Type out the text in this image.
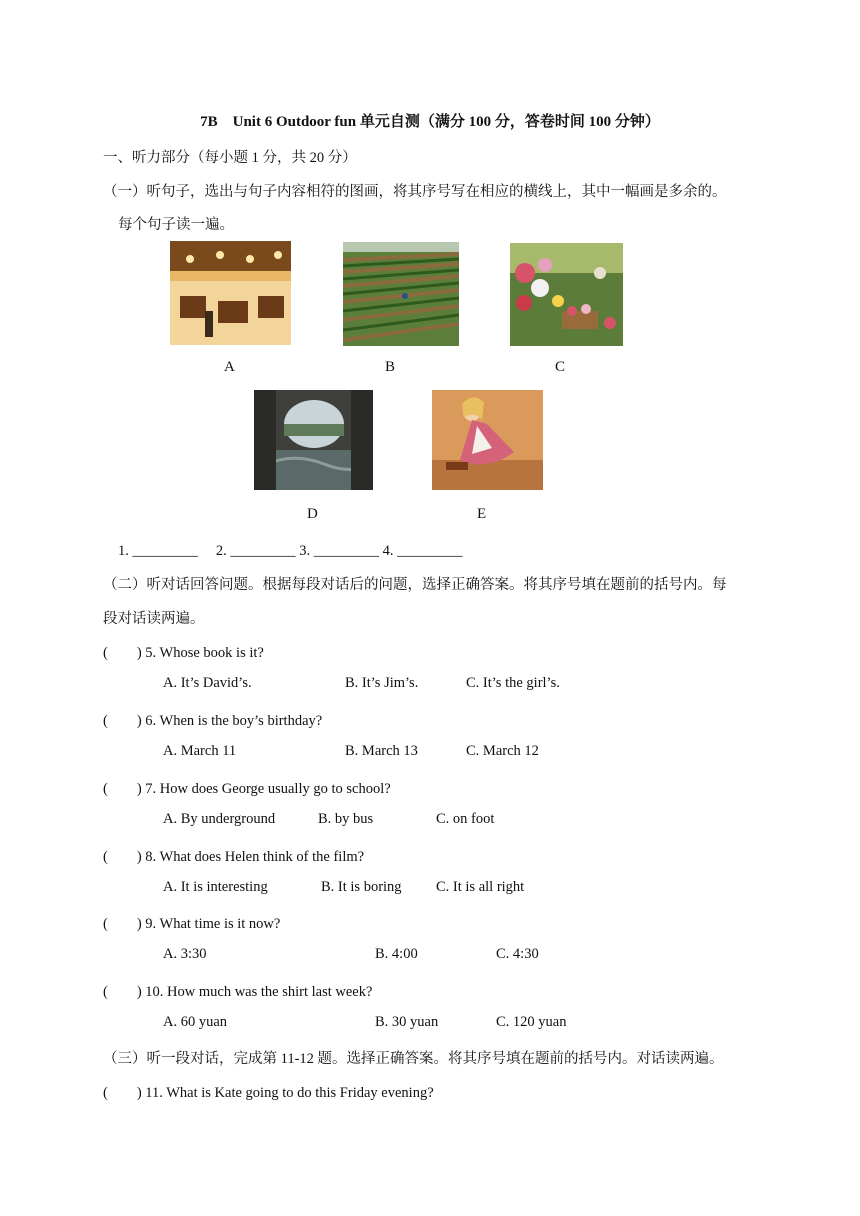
7B　Unit 6 Outdoor fun 单元自测（满分 100 分，答卷时间 100 分钟）
一、听力部分（每小题 1 分，共 20 分）
（一）听句子，选出与句子内容相符的图画，将其序号写在相应的横线上，其中一幅画是多余的。
每个句子读一遍。
A	B	C
D	E
1. _________　 2. _________ 3. _________ 4. _________
（二）听对话回答问题。根据每段对话后的问题，选择正确答案。将其序号填在题前的括号内。每
段对话读两遍。
(　　) 5. Whose book is it?
A. It’s David’s.	B. It’s Jim’s.	C. It’s the girl’s.
(　　) 6. When is the boy’s birthday?
A. March 11	B. March 13	C. March 12
(　　) 7. How does George usually go to school?
A. By underground	B. by bus	C. on foot
(　　) 8. What does Helen think of the film?
A. It is interesting	B. It is boring C. It is all right
(　　) 9. What time is it now?
A. 3:30	B. 4:00	C. 4:30
(　　) 10. How much was the shirt last week?
A. 60 yuan	B. 30 yuan	C. 120 yuan
（三）听一段对话，完成第 11-12 题。选择正确答案。将其序号填在题前的括号内。对话读两遍。
(　　) 11. What is Kate going to do this Friday evening?
